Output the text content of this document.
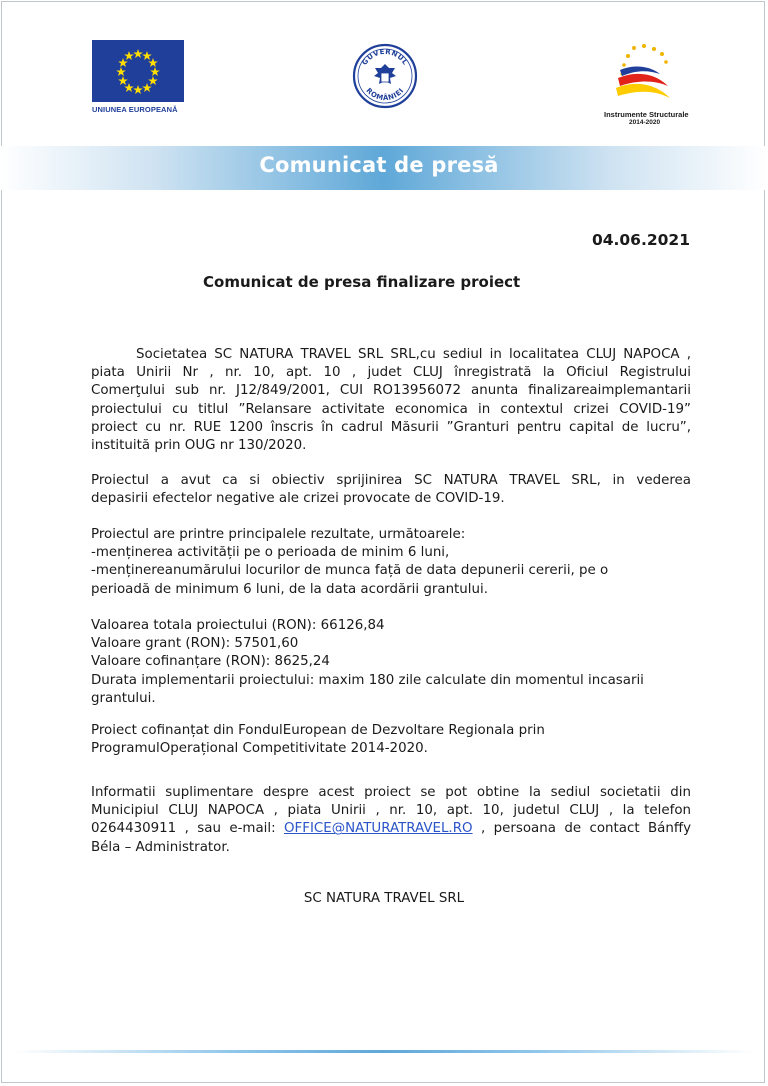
UNIUNEA EUROPEANĂ
GUVERNUL
ROMÂNIEI
Instrumente Structurale
2014-2020
Comunicat de presă
04.06.2021
Comunicat de presa finalizare proiect
Societatea SC NATURA TRAVEL SRL SRL,cu sediul in localitatea CLUJ NAPOCA ,
piata Unirii Nr , nr. 10, apt. 10 , judet CLUJ înregistrată la Oficiul Registrului
Comerţului sub nr. J12/849/2001, CUI RO13956072 anunta finalizareaimplemantarii
proiectului cu titlul ”Relansare activitate economica in contextul crizei COVID-19”
proiect cu nr. RUE 1200 înscris în cadrul Măsurii ”Granturi pentru capital de lucru”,
instituită prin OUG nr 130/2020.
Proiectul a avut ca si obiectiv sprijinirea SC NATURA TRAVEL SRL, in vederea
depasirii efectelor negative ale crizei provocate de COVID-19.
Proiectul are printre principalele rezultate, următoarele:
-menținerea activității pe o perioada de minim 6 luni,
-menținereanumărului locurilor de munca față de data depunerii cererii, pe o
perioadă de minimum 6 luni, de la data acordării grantului.
Valoarea totala proiectului (RON): 66126,84
Valoare grant (RON): 57501,60
Valoare cofinanțare (RON): 8625,24
Durata implementarii proiectului: maxim 180 zile calculate din momentul incasarii
grantului.
Proiect cofinanțat din FondulEuropean de Dezvoltare Regionala prin
ProgramulOperațional Competitivitate 2014-2020.
Informatii suplimentare despre acest proiect se pot obtine la sediul societatii din
Municipiul CLUJ NAPOCA , piata Unirii , nr. 10, apt. 10, judetul CLUJ , la telefon
0264430911 , sau e-mail: OFFICE@NATURATRAVEL.RO , persoana de contact Bánffy
Béla – Administrator.
SC NATURA TRAVEL SRL
